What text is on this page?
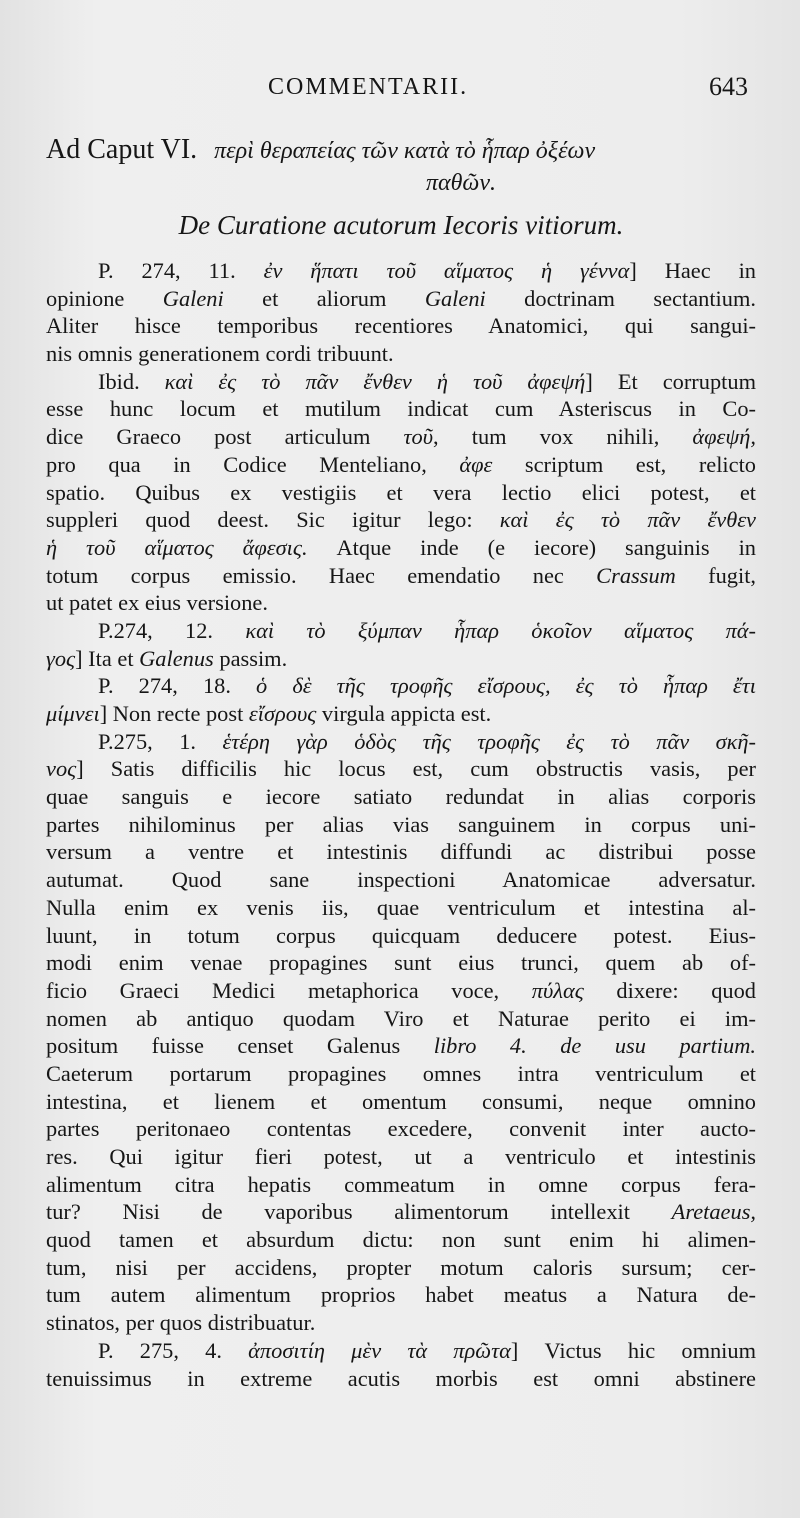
COMMENTARII.	643
Ad Caput VI. περὶ θεραπείας τῶν κατὰ τὸ ἧπαρ ὀξέων
παθῶν.
De Curatione acutorum Iecoris vitiorum.
P. 274, 11. ἐν ἥπατι τοῦ αἵματος ἡ γέννα] Haec in
opinione Galeni et aliorum Galeni doctrinam sectantium.
Aliter hisce temporibus recentiores Anatomici, qui sangui-
nis omnis generationem cordi tribuunt.
Ibid. καὶ ἐς τὸ πᾶν ἔνθεν ἡ τοῦ ἀφεψή] Et corruptum
esse hunc locum et mutilum indicat cum Asteriscus in Co-
dice Graeco post articulum τοῦ, tum vox nihili, ἀφεψή,
pro qua in Codice Menteliano, ἀφε scriptum est, relicto
spatio. Quibus ex vestigiis et vera lectio elici potest, et
suppleri quod deest. Sic igitur lego: καὶ ἐς τὸ πᾶν ἔνθεν
ἡ τοῦ αἵματος ἄφεσις. Atque inde (e iecore) sanguinis in
totum corpus emissio. Haec emendatio nec Crassum fugit,
ut patet ex eius versione.
P.274, 12. καὶ τὸ ξύμπαν ἧπαρ ὁκοῖον αἵματος πά-
γος] Ita et Galenus passim.
P. 274, 18. ὁ δὲ τῆς τροφῆς εἴσρους, ἐς τὸ ἧπαρ ἔτι
μίμνει] Non recte post εἴσρους virgula appicta est.
P.275, 1. ἑτέρη γὰρ ὁδὸς τῆς τροφῆς ἐς τὸ πᾶν σκῆ-
νος] Satis difficilis hic locus est, cum obstructis vasis, per
quae sanguis e iecore satiato redundat in alias corporis
partes nihilominus per alias vias sanguinem in corpus uni-
versum a ventre et intestinis diffundi ac distribui posse
autumat. Quod sane inspectioni Anatomicae adversatur.
Nulla enim ex venis iis, quae ventriculum et intestina al-
luunt, in totum corpus quicquam deducere potest. Eius-
modi enim venae propagines sunt eius trunci, quem ab of-
ficio Graeci Medici metaphorica voce, πύλας dixere: quod
nomen ab antiquo quodam Viro et Naturae perito ei im-
positum fuisse censet Galenus libro 4. de usu partium.
Caeterum portarum propagines omnes intra ventriculum et
intestina, et lienem et omentum consumi, neque omnino
partes peritonaeo contentas excedere, convenit inter aucto-
res. Qui igitur fieri potest, ut a ventriculo et intestinis
alimentum citra hepatis commeatum in omne corpus fera-
tur? Nisi de vaporibus alimentorum intellexit Aretaeus,
quod tamen et absurdum dictu: non sunt enim hi alimen-
tum, nisi per accidens, propter motum caloris sursum; cer-
tum autem alimentum proprios habet meatus a Natura de-
stinatos, per quos distribuatur.
P. 275, 4. ἀποσιτίη μὲν τὰ πρῶτα] Victus hic omnium
tenuissimus in extreme acutis morbis est omni abstinere
